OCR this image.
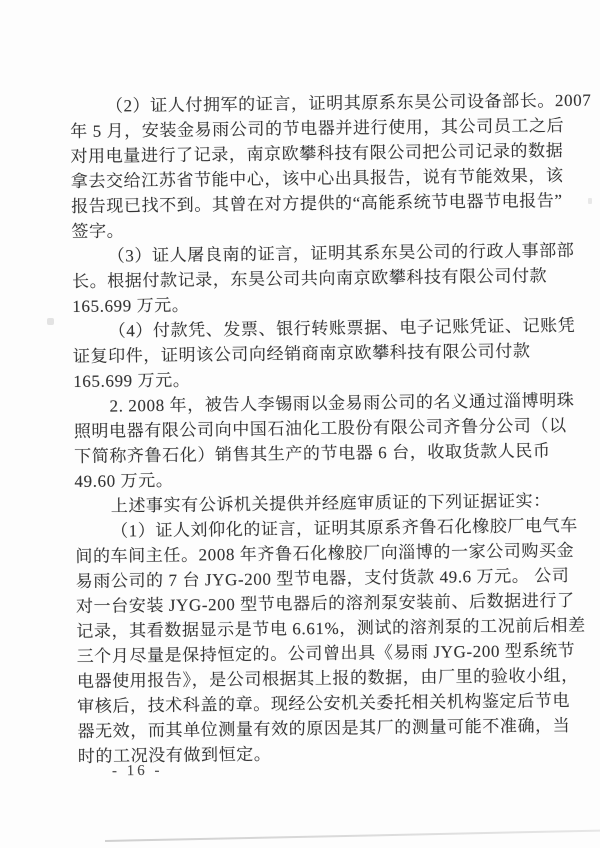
（2）证人付拥军的证言，证明其原系东昊公司设备部长。2007
年 5 月，安装金易雨公司的节电器并进行使用，其公司员工之后
对用电量进行了记录，南京欧攀科技有限公司把公司记录的数据
拿去交给江苏省节能中心，该中心出具报告，说有节能效果，该
报告现已找不到。其曾在对方提供的“高能系统节电器节电报告”
签字。
（3）证人屠良南的证言，证明其系东昊公司的行政人事部部
长。根据付款记录，东昊公司共向南京欧攀科技有限公司付款
165.699 万元。
（4）付款凭、发票、银行转账票据、电子记账凭证、记账凭
证复印件，证明该公司向经销商南京欧攀科技有限公司付款
165.699 万元。
2. 2008 年，被告人李锡雨以金易雨公司的名义通过淄博明珠
照明电器有限公司向中国石油化工股份有限公司齐鲁分公司（以
下简称齐鲁石化）销售其生产的节电器 6 台，收取货款人民币
49.60 万元。
上述事实有公诉机关提供并经庭审质证的下列证据证实：
（1）证人刘仰化的证言，证明其原系齐鲁石化橡胶厂电气车
间的车间主任。2008 年齐鲁石化橡胶厂向淄博的一家公司购买金
易雨公司的 7 台 JYG-200 型节电器，支付货款 49.6 万元。 公司
对一台安装 JYG-200 型节电器后的溶剂泵安装前、后数据进行了
记录，其看数据显示是节电 6.61%，测试的溶剂泵的工况前后相差
三个月尽量是保持恒定的。公司曾出具《易雨 JYG-200 型系统节
电器使用报告》，是公司根据其上报的数据，由厂里的验收小组，
审核后，技术科盖的章。现经公安机关委托相关机构鉴定后节电
器无效，而其单位测量有效的原因是其厂的测量可能不准确，当
时的工况没有做到恒定。
- 16 -
